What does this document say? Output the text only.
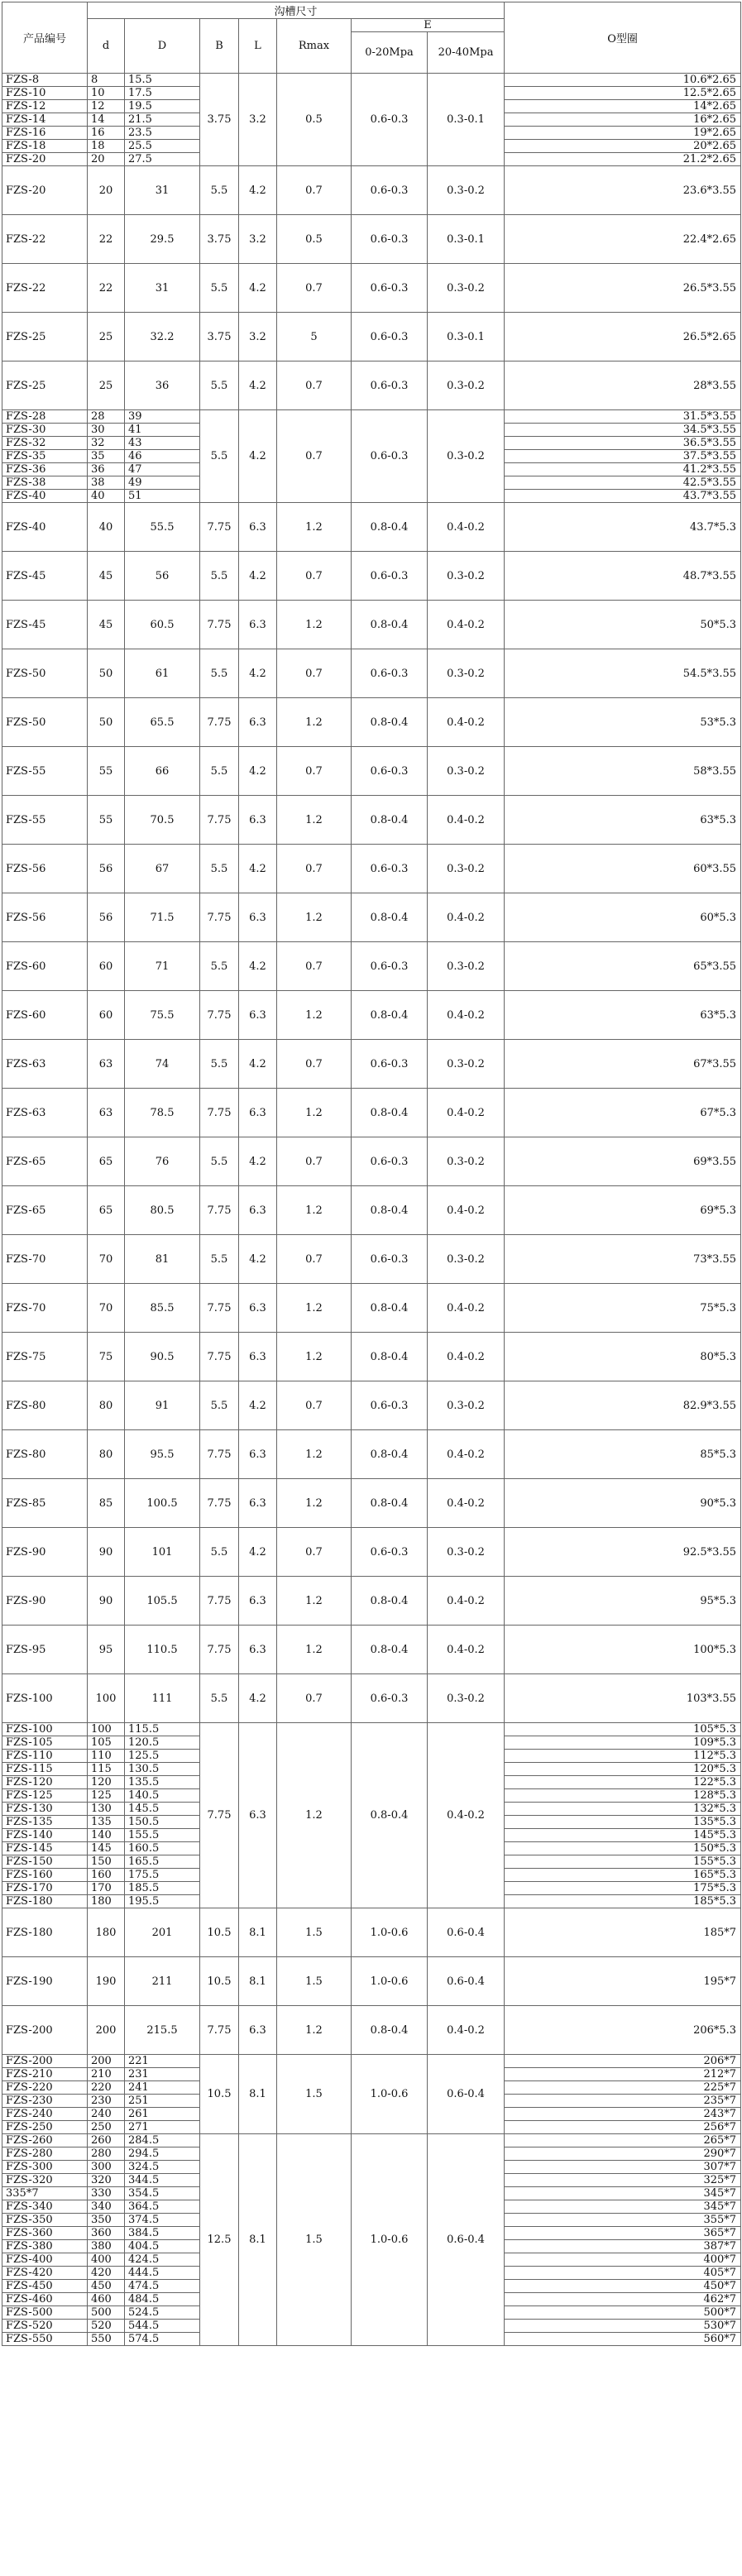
产品编号	沟槽尺寸							O型圈
	d	D	B	L	Rmax	E		
						0-20Mpa	20-40Mpa	
FZS-8	8	15.5	3.75	3.2	0.5	0.6-0.3	0.3-0.1	10.6*2.65
FZS-10	10	17.5						12.5*2.65
FZS-12	12	19.5						14*2.65
FZS-14	14	21.5						16*2.65
FZS-16	16	23.5						19*2.65
FZS-18	18	25.5						20*2.65
FZS-20	20	27.5						21.2*2.65
FZS-20	20	31	5.5	4.2	0.7	0.6-0.3	0.3-0.2	23.6*3.55
FZS-22	22	29.5	3.75	3.2	0.5	0.6-0.3	0.3-0.1	22.4*2.65
FZS-22	22	31	5.5	4.2	0.7	0.6-0.3	0.3-0.2	26.5*3.55
FZS-25	25	32.2	3.75	3.2	5	0.6-0.3	0.3-0.1	26.5*2.65
FZS-25	25	36	5.5	4.2	0.7	0.6-0.3	0.3-0.2	28*3.55
FZS-28	28	39	5.5	4.2	0.7	0.6-0.3	0.3-0.2	31.5*3.55
FZS-30	30	41						34.5*3.55
FZS-32	32	43						36.5*3.55
FZS-35	35	46						37.5*3.55
FZS-36	36	47						41.2*3.55
FZS-38	38	49						42.5*3.55
FZS-40	40	51						43.7*3.55
FZS-40	40	55.5	7.75	6.3	1.2	0.8-0.4	0.4-0.2	43.7*5.3
FZS-45	45	56	5.5	4.2	0.7	0.6-0.3	0.3-0.2	48.7*3.55
FZS-45	45	60.5	7.75	6.3	1.2	0.8-0.4	0.4-0.2	50*5.3
FZS-50	50	61	5.5	4.2	0.7	0.6-0.3	0.3-0.2	54.5*3.55
FZS-50	50	65.5	7.75	6.3	1.2	0.8-0.4	0.4-0.2	53*5.3
FZS-55	55	66	5.5	4.2	0.7	0.6-0.3	0.3-0.2	58*3.55
FZS-55	55	70.5	7.75	6.3	1.2	0.8-0.4	0.4-0.2	63*5.3
FZS-56	56	67	5.5	4.2	0.7	0.6-0.3	0.3-0.2	60*3.55
FZS-56	56	71.5	7.75	6.3	1.2	0.8-0.4	0.4-0.2	60*5.3
FZS-60	60	71	5.5	4.2	0.7	0.6-0.3	0.3-0.2	65*3.55
FZS-60	60	75.5	7.75	6.3	1.2	0.8-0.4	0.4-0.2	63*5.3
FZS-63	63	74	5.5	4.2	0.7	0.6-0.3	0.3-0.2	67*3.55
FZS-63	63	78.5	7.75	6.3	1.2	0.8-0.4	0.4-0.2	67*5.3
FZS-65	65	76	5.5	4.2	0.7	0.6-0.3	0.3-0.2	69*3.55
FZS-65	65	80.5	7.75	6.3	1.2	0.8-0.4	0.4-0.2	69*5.3
FZS-70	70	81	5.5	4.2	0.7	0.6-0.3	0.3-0.2	73*3.55
FZS-70	70	85.5	7.75	6.3	1.2	0.8-0.4	0.4-0.2	75*5.3
FZS-75	75	90.5	7.75	6.3	1.2	0.8-0.4	0.4-0.2	80*5.3
FZS-80	80	91	5.5	4.2	0.7	0.6-0.3	0.3-0.2	82.9*3.55
FZS-80	80	95.5	7.75	6.3	1.2	0.8-0.4	0.4-0.2	85*5.3
FZS-85	85	100.5	7.75	6.3	1.2	0.8-0.4	0.4-0.2	90*5.3
FZS-90	90	101	5.5	4.2	0.7	0.6-0.3	0.3-0.2	92.5*3.55
FZS-90	90	105.5	7.75	6.3	1.2	0.8-0.4	0.4-0.2	95*5.3
FZS-95	95	110.5	7.75	6.3	1.2	0.8-0.4	0.4-0.2	100*5.3
FZS-100	100	111	5.5	4.2	0.7	0.6-0.3	0.3-0.2	103*3.55
FZS-100	100	115.5	7.75	6.3	1.2	0.8-0.4	0.4-0.2	105*5.3
FZS-105	105	120.5						109*5.3
FZS-110	110	125.5						112*5.3
FZS-115	115	130.5						120*5.3
FZS-120	120	135.5						122*5.3
FZS-125	125	140.5						128*5.3
FZS-130	130	145.5						132*5.3
FZS-135	135	150.5						135*5.3
FZS-140	140	155.5						145*5.3
FZS-145	145	160.5						150*5.3
FZS-150	150	165.5						155*5.3
FZS-160	160	175.5						165*5.3
FZS-170	170	185.5						175*5.3
FZS-180	180	195.5						185*5.3
FZS-180	180	201	10.5	8.1	1.5	1.0-0.6	0.6-0.4	185*7
FZS-190	190	211	10.5	8.1	1.5	1.0-0.6	0.6-0.4	195*7
FZS-200	200	215.5	7.75	6.3	1.2	0.8-0.4	0.4-0.2	206*5.3
FZS-200	200	221	10.5	8.1	1.5	1.0-0.6	0.6-0.4	206*7
FZS-210	210	231						212*7
FZS-220	220	241						225*7
FZS-230	230	251						235*7
FZS-240	240	261						243*7
FZS-250	250	271						256*7
FZS-260	260	284.5	12.5	8.1	1.5	1.0-0.6	0.6-0.4	265*7
FZS-280	280	294.5						290*7
FZS-300	300	324.5						307*7
FZS-320	320	344.5						325*7
335*7	330	354.5						345*7
FZS-340	340	364.5						345*7
FZS-350	350	374.5						355*7
FZS-360	360	384.5						365*7
FZS-380	380	404.5						387*7
FZS-400	400	424.5						400*7
FZS-420	420	444.5						405*7
FZS-450	450	474.5						450*7
FZS-460	460	484.5						462*7
FZS-500	500	524.5						500*7
FZS-520	520	544.5						530*7
FZS-550	550	574.5						560*7
